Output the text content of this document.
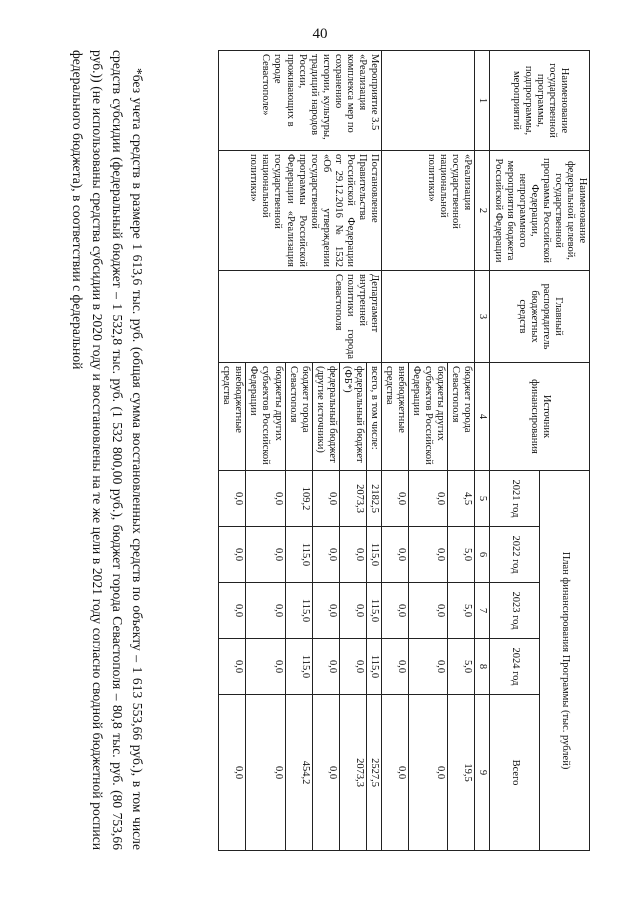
40
Наименование государственной программы, подпрограммы, мероприятий	Наименование федеральной целевой, государственной программы Российской Федерации, непрограммного мероприятия бюджета Российской Федерации	Главный распорядитель бюджетных средств	Источник финансирования	План финансирования Программы (тыс. рублей)				
				2021 год	2022 год	2023 год	2024 год	Всего
1	2	3	4	5	6	7	8	9
	«Реализация государственной национальной политики»		бюджет города Севастополя	4,5	5,0	5,0	5,0	19,5
			бюджеты других субъектов Российской Федерации	0,0	0,0	0,0	0,0	0,0
			внебюджетные средства	0,0	0,0	0,0	0,0	0,0
Мероприятие 3.5 «Реализация комплекса мер по сохранению истории, культуры, традиций народов России, проживающих в городе Севастополе»	Постановление Правительства Российской Федерации от 29.12.2016 № 1532 «Об утверждении государственной программы Российской Федерации «Реализация государственной национальной политики»	Департамент внутренней политики города Севастополя	всего, в том числе:	2182,5	115,0	115,0	115,0	2527,5
			федеральный бюджет (ФБ*)	2073,3	0,0	0,0	0,0	2073,3
			федеральный бюджет (другие источники)	0,0	0,0	0,0	0,0	0,0
			бюджет города Севастополя	109,2	115,0	115,0	115,0	454,2
			бюджеты других субъектов Российской Федерации	0,0	0,0	0,0	0,0	0,0
			внебюджетные средства	0,0	0,0	0,0	0,0	0,0

*без учета средств в размере 1 613,6 тыс. руб. (общая сумма восстановленных средств по объекту – 1 613 553,66 руб.), в том числе средств субсидии (федеральный бюджет – 1 532,8 тыс. руб. (1 532 800,00 руб.), бюджет города Севастополя – 80,8 тыс. руб. (80 753,66 руб.)) (не использованы средства субсидии в 2020 году и восстановлены на те же цели в 2021 году согласно сводной бюджетной росписи федерального бюджета), в соответствии с федеральной
